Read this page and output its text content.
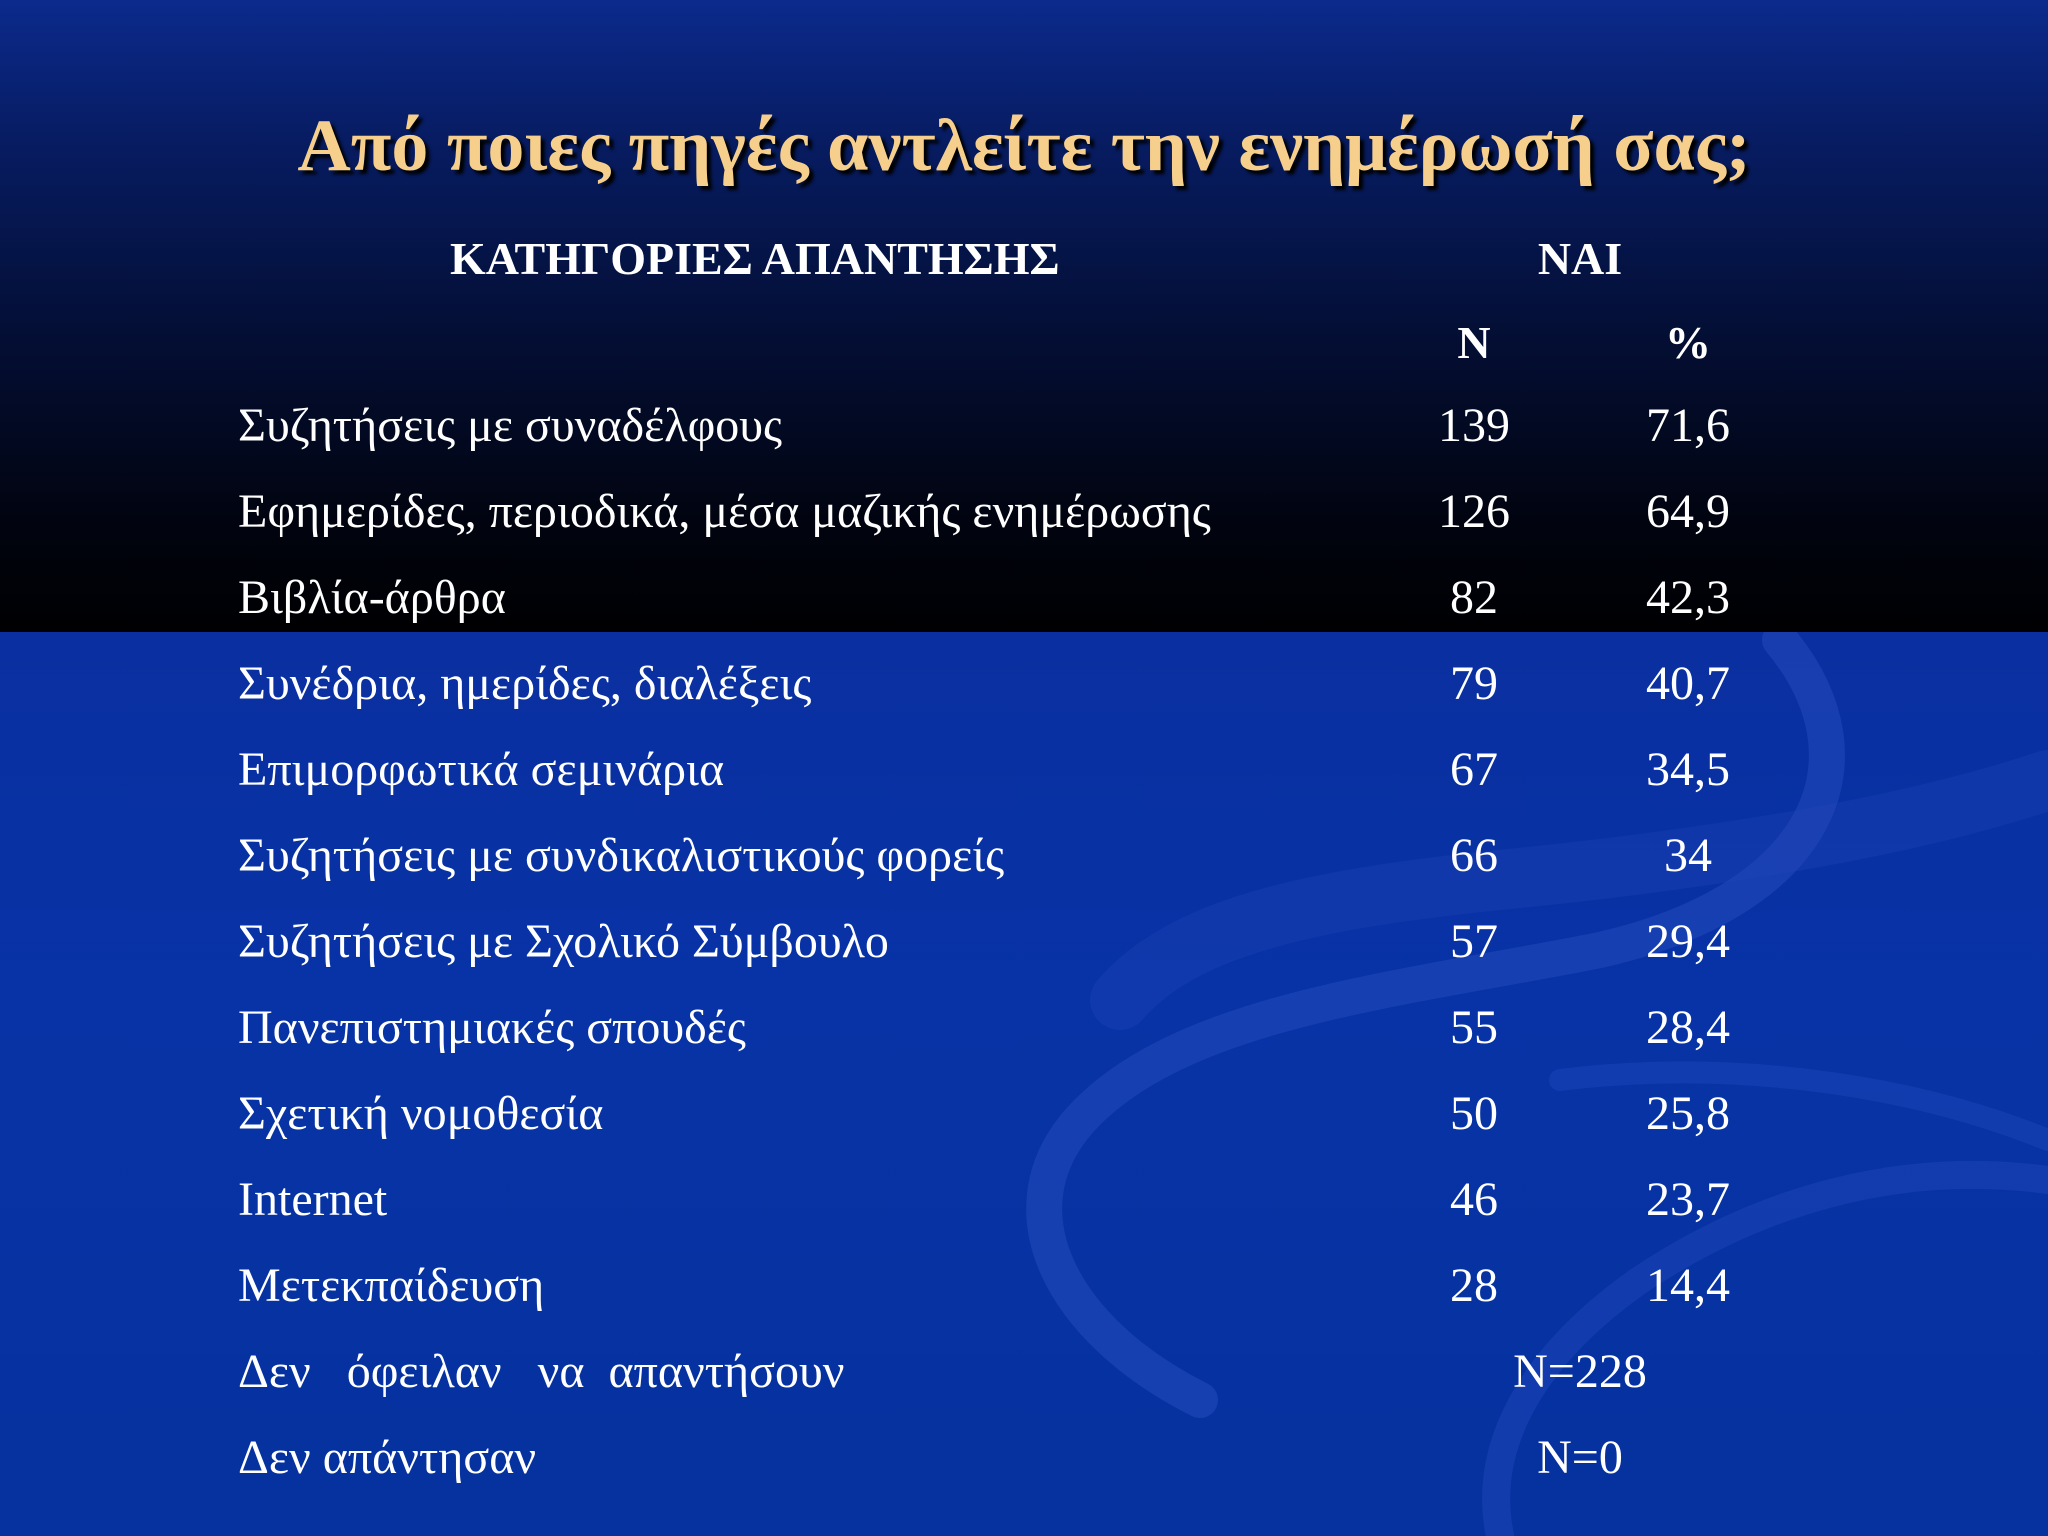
Από ποιες πηγές αντλείτε την ενημέρωσή σας;
ΚΑΤΗΓΟΡΙΕΣ ΑΠΑΝΤΗΣΗΣ	ΝΑΙ
Ν	%
Συζητήσεις με συναδέλφους	139	71,6
Εφημερίδες, περιοδικά, μέσα μαζικής ενημέρωσης	126	64,9
Βιβλία-άρθρα	82	42,3
Συνέδρια, ημερίδες, διαλέξεις	79	40,7
Επιμορφωτικά σεμινάρια	67	34,5
Συζητήσεις με συνδικαλιστικούς φορείς	66	34
Συζητήσεις με Σχολικό Σύμβουλο	57	29,4
Πανεπιστημιακές σπουδές	55	28,4
Σχετική νομοθεσία	50	25,8
Internet	46	23,7
Μετεκπαίδευση	28	14,4
Δεν   όφειλαν   να  απαντήσουν	N=228
Δεν απάντησαν	N=0
